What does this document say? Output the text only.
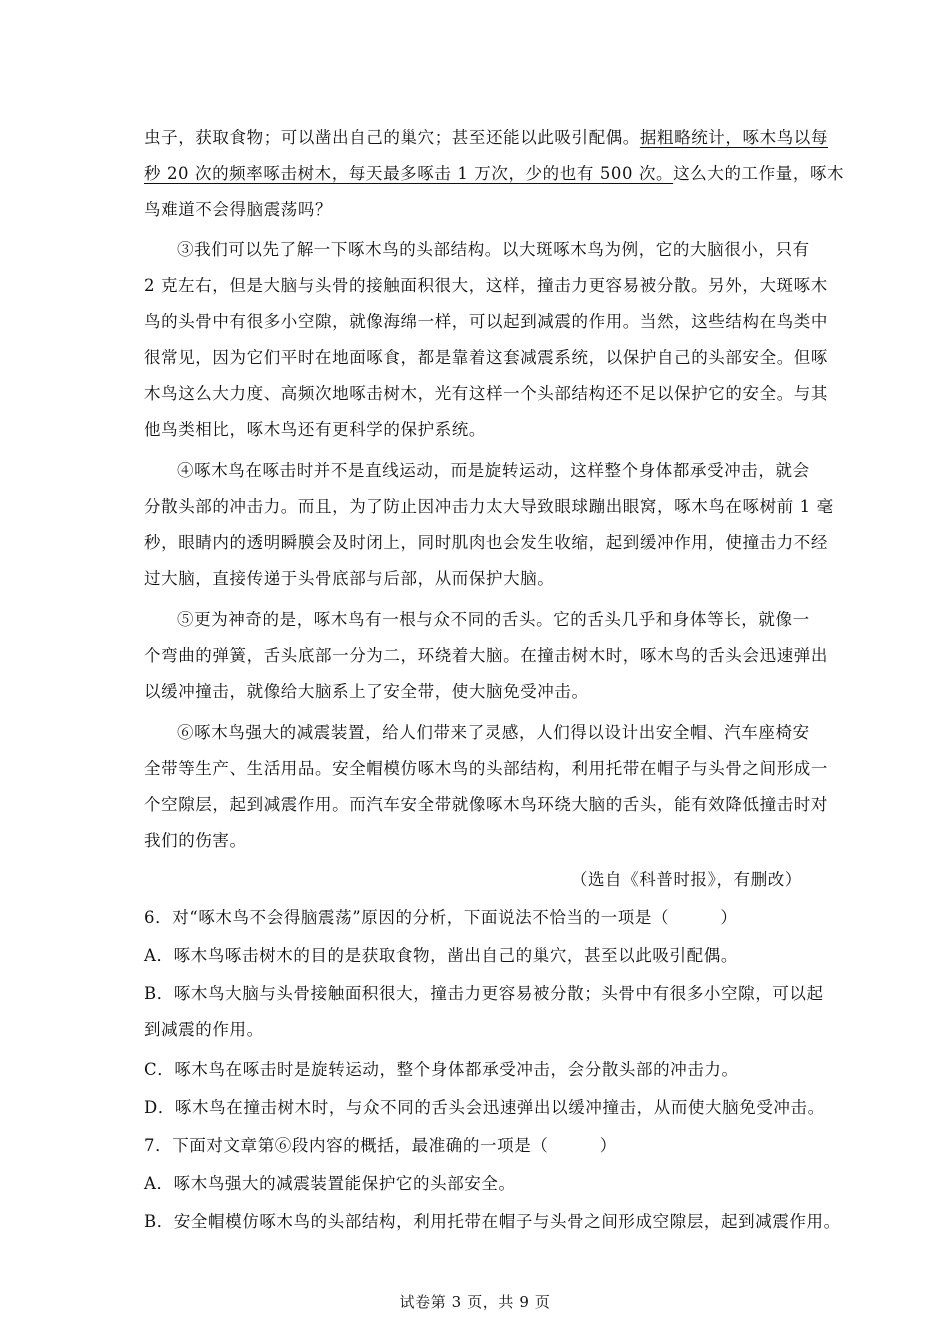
虫子，获取食物；可以凿出自己的巢穴；甚至还能以此吸引配偶。据粗略统计，啄木鸟以每
秒 20 次的频率啄击树木，每天最多啄击 1 万次，少的也有 500 次。这么大的工作量，啄木
鸟难道不会得脑震荡吗？
③我们可以先了解一下啄木鸟的头部结构。以大斑啄木鸟为例，它的大脑很小，只有
2 克左右，但是大脑与头骨的接触面积很大，这样，撞击力更容易被分散。另外，大斑啄木
鸟的头骨中有很多小空隙，就像海绵一样，可以起到减震的作用。当然，这些结构在鸟类中
很常见，因为它们平时在地面啄食，都是靠着这套减震系统，以保护自己的头部安全。但啄
木鸟这么大力度、高频次地啄击树木，光有这样一个头部结构还不足以保护它的安全。与其
他鸟类相比，啄木鸟还有更科学的保护系统。
④啄木鸟在啄击时并不是直线运动，而是旋转运动，这样整个身体都承受冲击，就会
分散头部的冲击力。而且，为了防止因冲击力太大导致眼球蹦出眼窝，啄木鸟在啄树前 1 毫
秒，眼睛内的透明瞬膜会及时闭上，同时肌肉也会发生收缩，起到缓冲作用，使撞击力不经
过大脑，直接传递于头骨底部与后部，从而保护大脑。
⑤更为神奇的是，啄木鸟有一根与众不同的舌头。它的舌头几乎和身体等长，就像一
个弯曲的弹簧，舌头底部一分为二，环绕着大脑。在撞击树木时，啄木鸟的舌头会迅速弹出
以缓冲撞击，就像给大脑系上了安全带，使大脑免受冲击。
⑥啄木鸟强大的减震装置，给人们带来了灵感，人们得以设计出安全帽、汽车座椅安
全带等生产、生活用品。安全帽模仿啄木鸟的头部结构，利用托带在帽子与头骨之间形成一
个空隙层，起到减震作用。而汽车安全带就像啄木鸟环绕大脑的舌头，能有效降低撞击时对
我们的伤害。
（选自《科普时报》，有删改）
6．对“啄木鸟不会得脑震荡”原因的分析，下面说法不恰当的一项是（　　　）
A．啄木鸟啄击树木的目的是获取食物，凿出自己的巢穴，甚至以此吸引配偶。
B．啄木鸟大脑与头骨接触面积很大，撞击力更容易被分散；头骨中有很多小空隙，可以起
到减震的作用。
C．啄木鸟在啄击时是旋转运动，整个身体都承受冲击，会分散头部的冲击力。
D．啄木鸟在撞击树木时，与众不同的舌头会迅速弹出以缓冲撞击，从而使大脑免受冲击。
7．下面对文章第⑥段内容的概括，最准确的一项是（　　　）
A．啄木鸟强大的减震装置能保护它的头部安全。
B．安全帽模仿啄木鸟的头部结构，利用托带在帽子与头骨之间形成空隙层，起到减震作用。
试卷第 3 页，共 9 页
